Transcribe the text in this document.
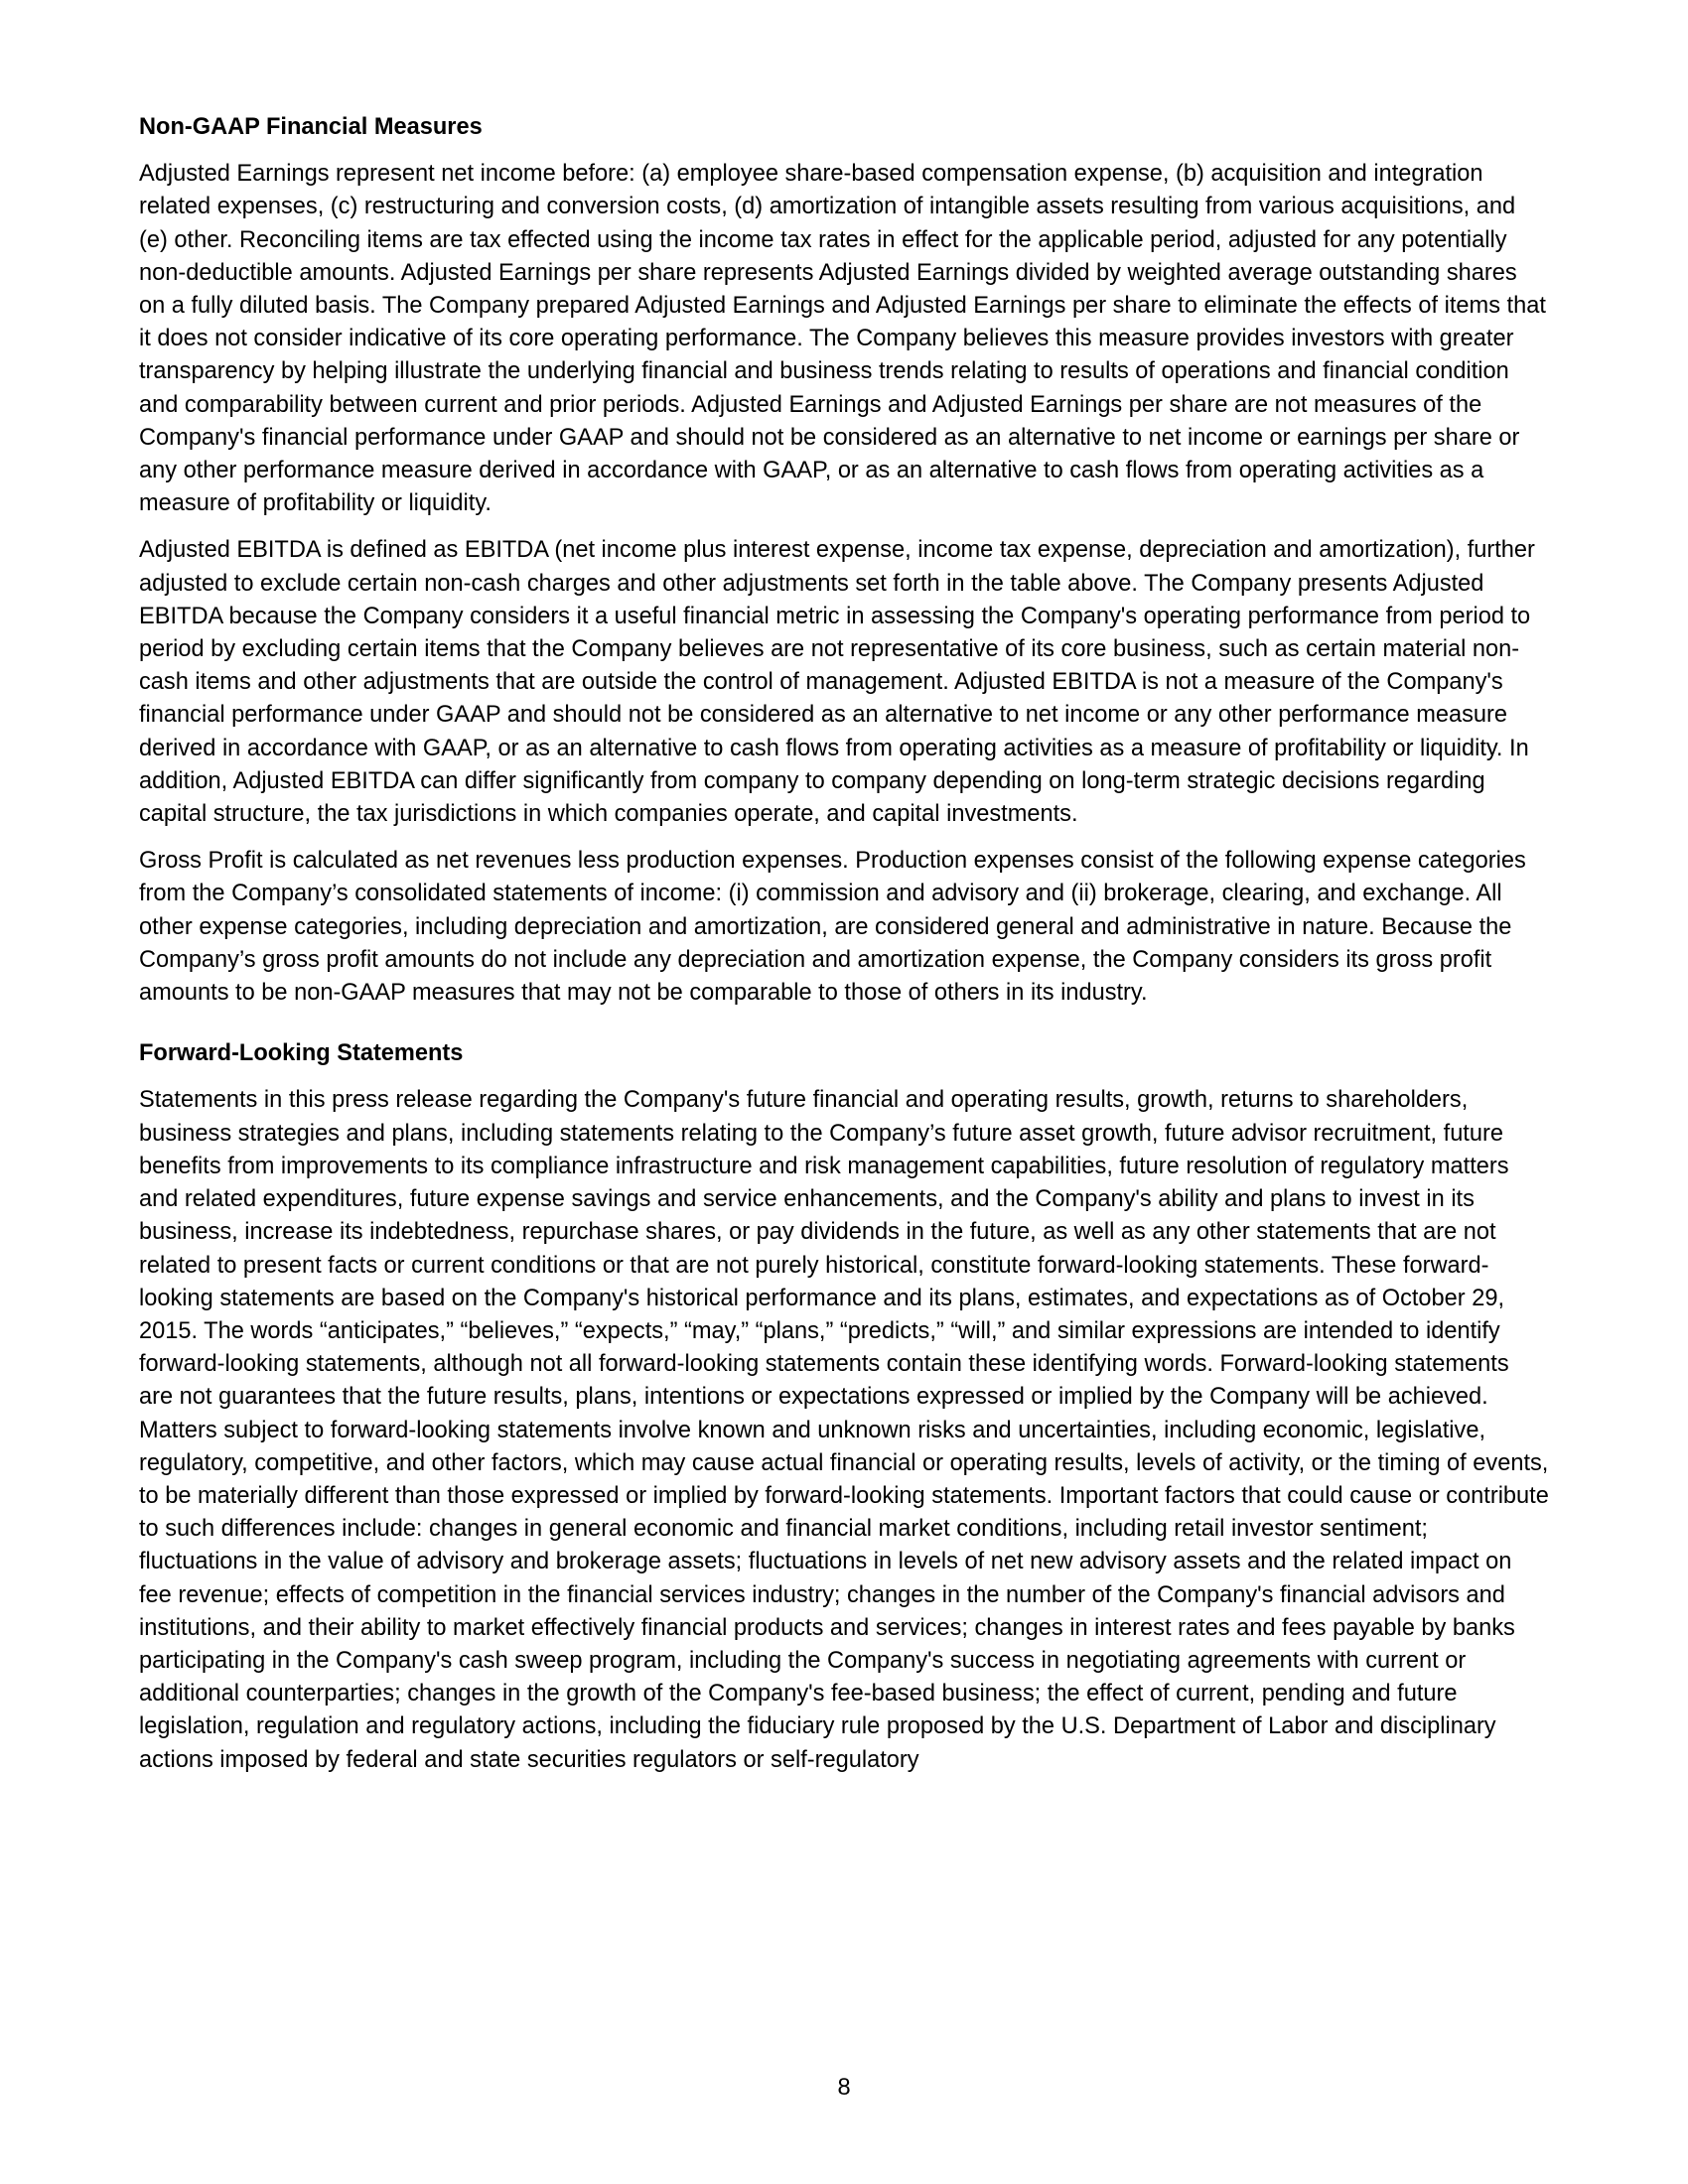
Non-GAAP Financial Measures

Adjusted Earnings represent net income before: (a) employee share-based compensation expense, (b) acquisition and integration related expenses, (c) restructuring and conversion costs, (d) amortization of intangible assets resulting from various acquisitions, and (e) other. Reconciling items are tax effected using the income tax rates in effect for the applicable period, adjusted for any potentially non-deductible amounts. Adjusted Earnings per share represents Adjusted Earnings divided by weighted average outstanding shares on a fully diluted basis. The Company prepared Adjusted Earnings and Adjusted Earnings per share to eliminate the effects of items that it does not consider indicative of its core operating performance. The Company believes this measure provides investors with greater transparency by helping illustrate the underlying financial and business trends relating to results of operations and financial condition and comparability between current and prior periods. Adjusted Earnings and Adjusted Earnings per share are not measures of the Company's financial performance under GAAP and should not be considered as an alternative to net income or earnings per share or any other performance measure derived in accordance with GAAP, or as an alternative to cash flows from operating activities as a measure of profitability or liquidity.

Adjusted EBITDA is defined as EBITDA (net income plus interest expense, income tax expense, depreciation and amortization), further adjusted to exclude certain non-cash charges and other adjustments set forth in the table above. The Company presents Adjusted EBITDA because the Company considers it a useful financial metric in assessing the Company's operating performance from period to period by excluding certain items that the Company believes are not representative of its core business, such as certain material non-cash items and other adjustments that are outside the control of management. Adjusted EBITDA is not a measure of the Company's financial performance under GAAP and should not be considered as an alternative to net income or any other performance measure derived in accordance with GAAP, or as an alternative to cash flows from operating activities as a measure of profitability or liquidity. In addition, Adjusted EBITDA can differ significantly from company to company depending on long-term strategic decisions regarding capital structure, the tax jurisdictions in which companies operate, and capital investments.

Gross Profit is calculated as net revenues less production expenses. Production expenses consist of the following expense categories from the Company’s consolidated statements of income: (i) commission and advisory and (ii) brokerage, clearing, and exchange. All other expense categories, including depreciation and amortization, are considered general and administrative in nature. Because the Company’s gross profit amounts do not include any depreciation and amortization expense, the Company considers its gross profit amounts to be non-GAAP measures that may not be comparable to those of others in its industry.

Forward-Looking Statements

Statements in this press release regarding the Company's future financial and operating results, growth, returns to shareholders, business strategies and plans, including statements relating to the Company’s future asset growth, future advisor recruitment, future benefits from improvements to its compliance infrastructure and risk management capabilities, future resolution of regulatory matters and related expenditures, future expense savings and service enhancements, and the Company's ability and plans to invest in its business, increase its indebtedness, repurchase shares, or pay dividends in the future, as well as any other statements that are not related to present facts or current conditions or that are not purely historical, constitute forward-looking statements. These forward-looking statements are based on the Company's historical performance and its plans, estimates, and expectations as of October 29, 2015. The words “anticipates,” “believes,” “expects,” “may,” “plans,” “predicts,” “will,” and similar expressions are intended to identify forward-looking statements, although not all forward-looking statements contain these identifying words. Forward-looking statements are not guarantees that the future results, plans, intentions or expectations expressed or implied by the Company will be achieved. Matters subject to forward-looking statements involve known and unknown risks and uncertainties, including economic, legislative, regulatory, competitive, and other factors, which may cause actual financial or operating results, levels of activity, or the timing of events, to be materially different than those expressed or implied by forward-looking statements. Important factors that could cause or contribute to such differences include: changes in general economic and financial market conditions, including retail investor sentiment; fluctuations in the value of advisory and brokerage assets; fluctuations in levels of net new advisory assets and the related impact on fee revenue; effects of competition in the financial services industry; changes in the number of the Company's financial advisors and institutions, and their ability to market effectively financial products and services; changes in interest rates and fees payable by banks participating in the Company's cash sweep program, including the Company's success in negotiating agreements with current or additional counterparties; changes in the growth of the Company's fee-based business; the effect of current, pending and future legislation, regulation and regulatory actions, including the fiduciary rule proposed by the U.S. Department of Labor and disciplinary actions imposed by federal and state securities regulators or self-regulatory

8
